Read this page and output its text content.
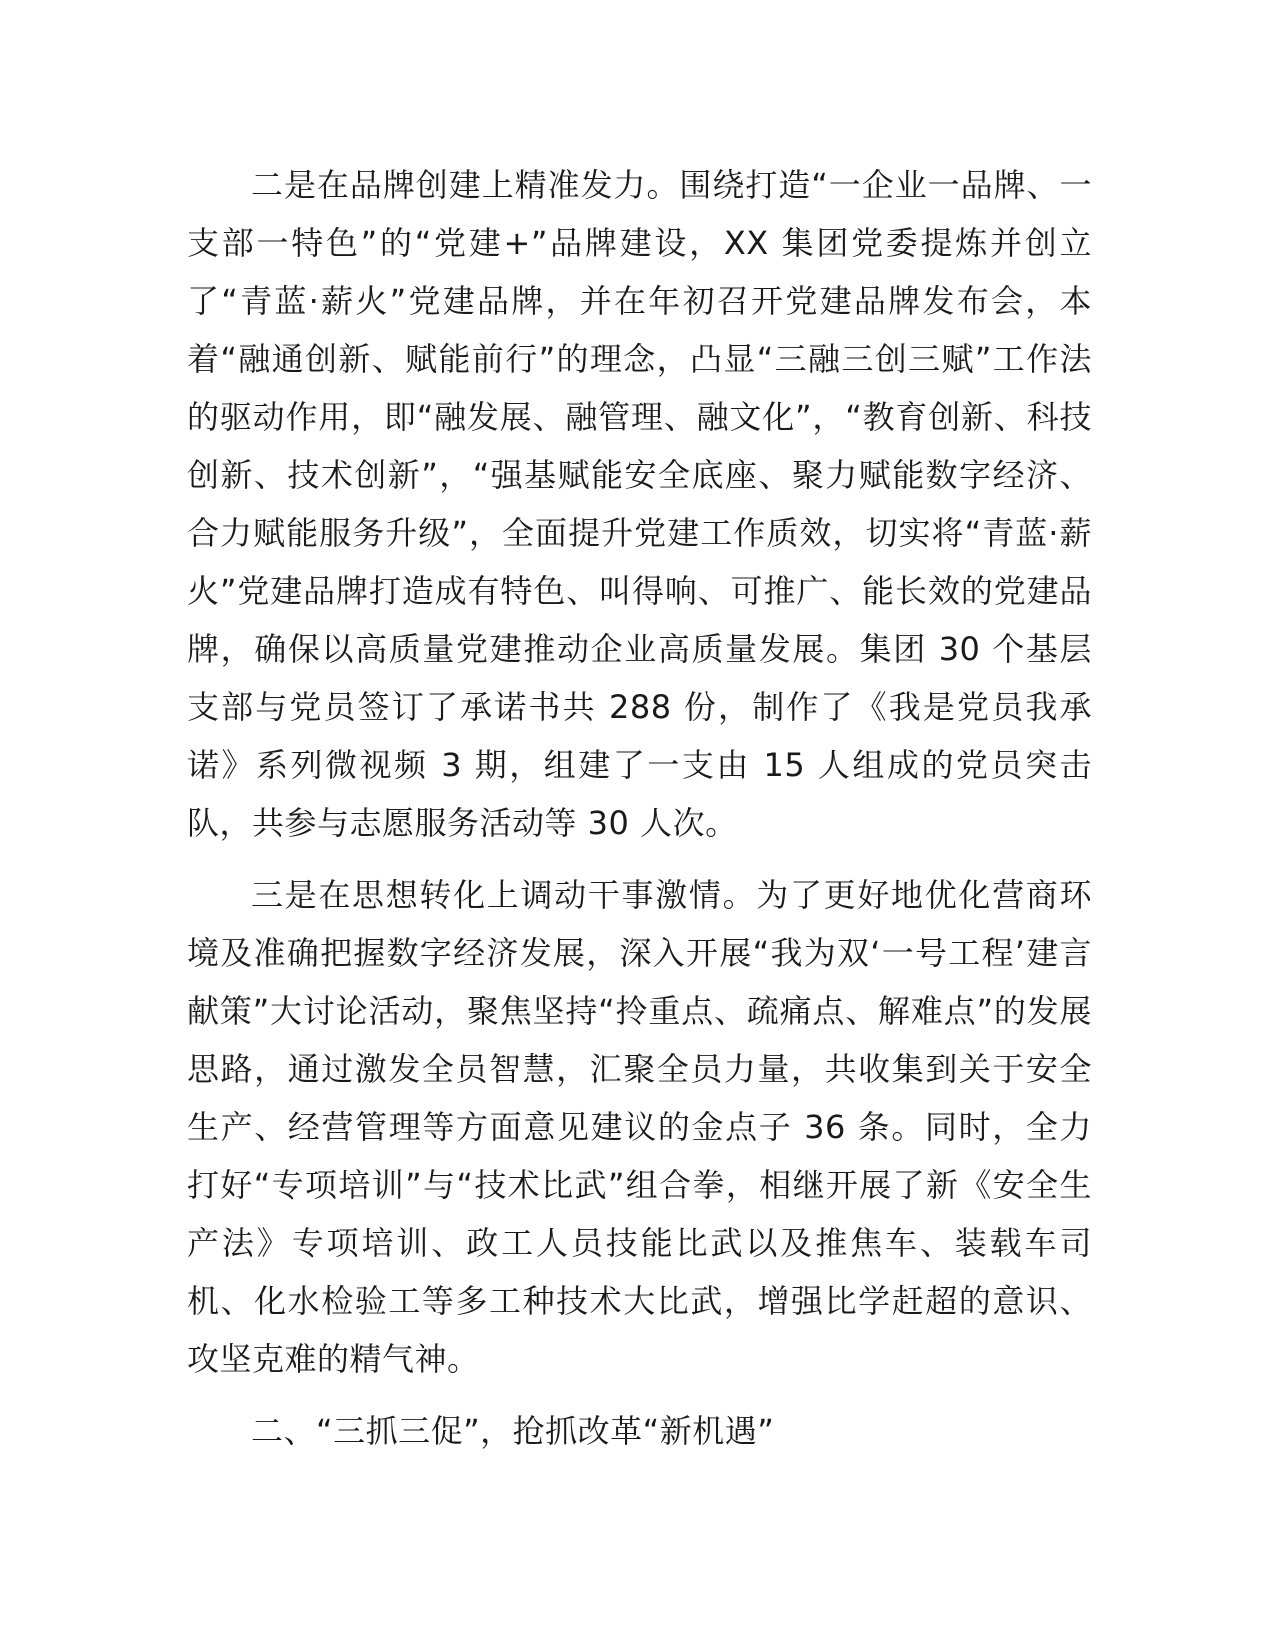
二是在品牌创建上精准发力。围绕打造“一企业一品牌、一支部一特色”的“党建+”品牌建设，XX 集团党委提炼并创立了“青蓝·薪火”党建品牌，并在年初召开党建品牌发布会，本着“融通创新、赋能前行”的理念，凸显“三融三创三赋”工作法的驱动作用，即“融发展、融管理、融文化”，“教育创新、科技创新、技术创新”，“强基赋能安全底座、聚力赋能数字经济、合力赋能服务升级”，全面提升党建工作质效，切实将“青蓝·薪火”党建品牌打造成有特色、叫得响、可推广、能长效的党建品牌，确保以高质量党建推动企业高质量发展。集团 30 个基层支部与党员签订了承诺书共 288 份，制作了《我是党员我承诺》系列微视频 3 期，组建了一支由 15 人组成的党员突击队，共参与志愿服务活动等 30 人次。

三是在思想转化上调动干事激情。为了更好地优化营商环境及准确把握数字经济发展，深入开展“我为双‘一号工程’建言献策”大讨论活动，聚焦坚持“拎重点、疏痛点、解难点”的发展思路，通过激发全员智慧，汇聚全员力量，共收集到关于安全生产、经营管理等方面意见建议的金点子 36 条。同时，全力打好“专项培训”与“技术比武”组合拳，相继开展了新《安全生产法》专项培训、政工人员技能比武以及推焦车、装载车司机、化水检验工等多工种技术大比武，增强比学赶超的意识、攻坚克难的精气神。

二、“三抓三促”，抢抓改革“新机遇”
